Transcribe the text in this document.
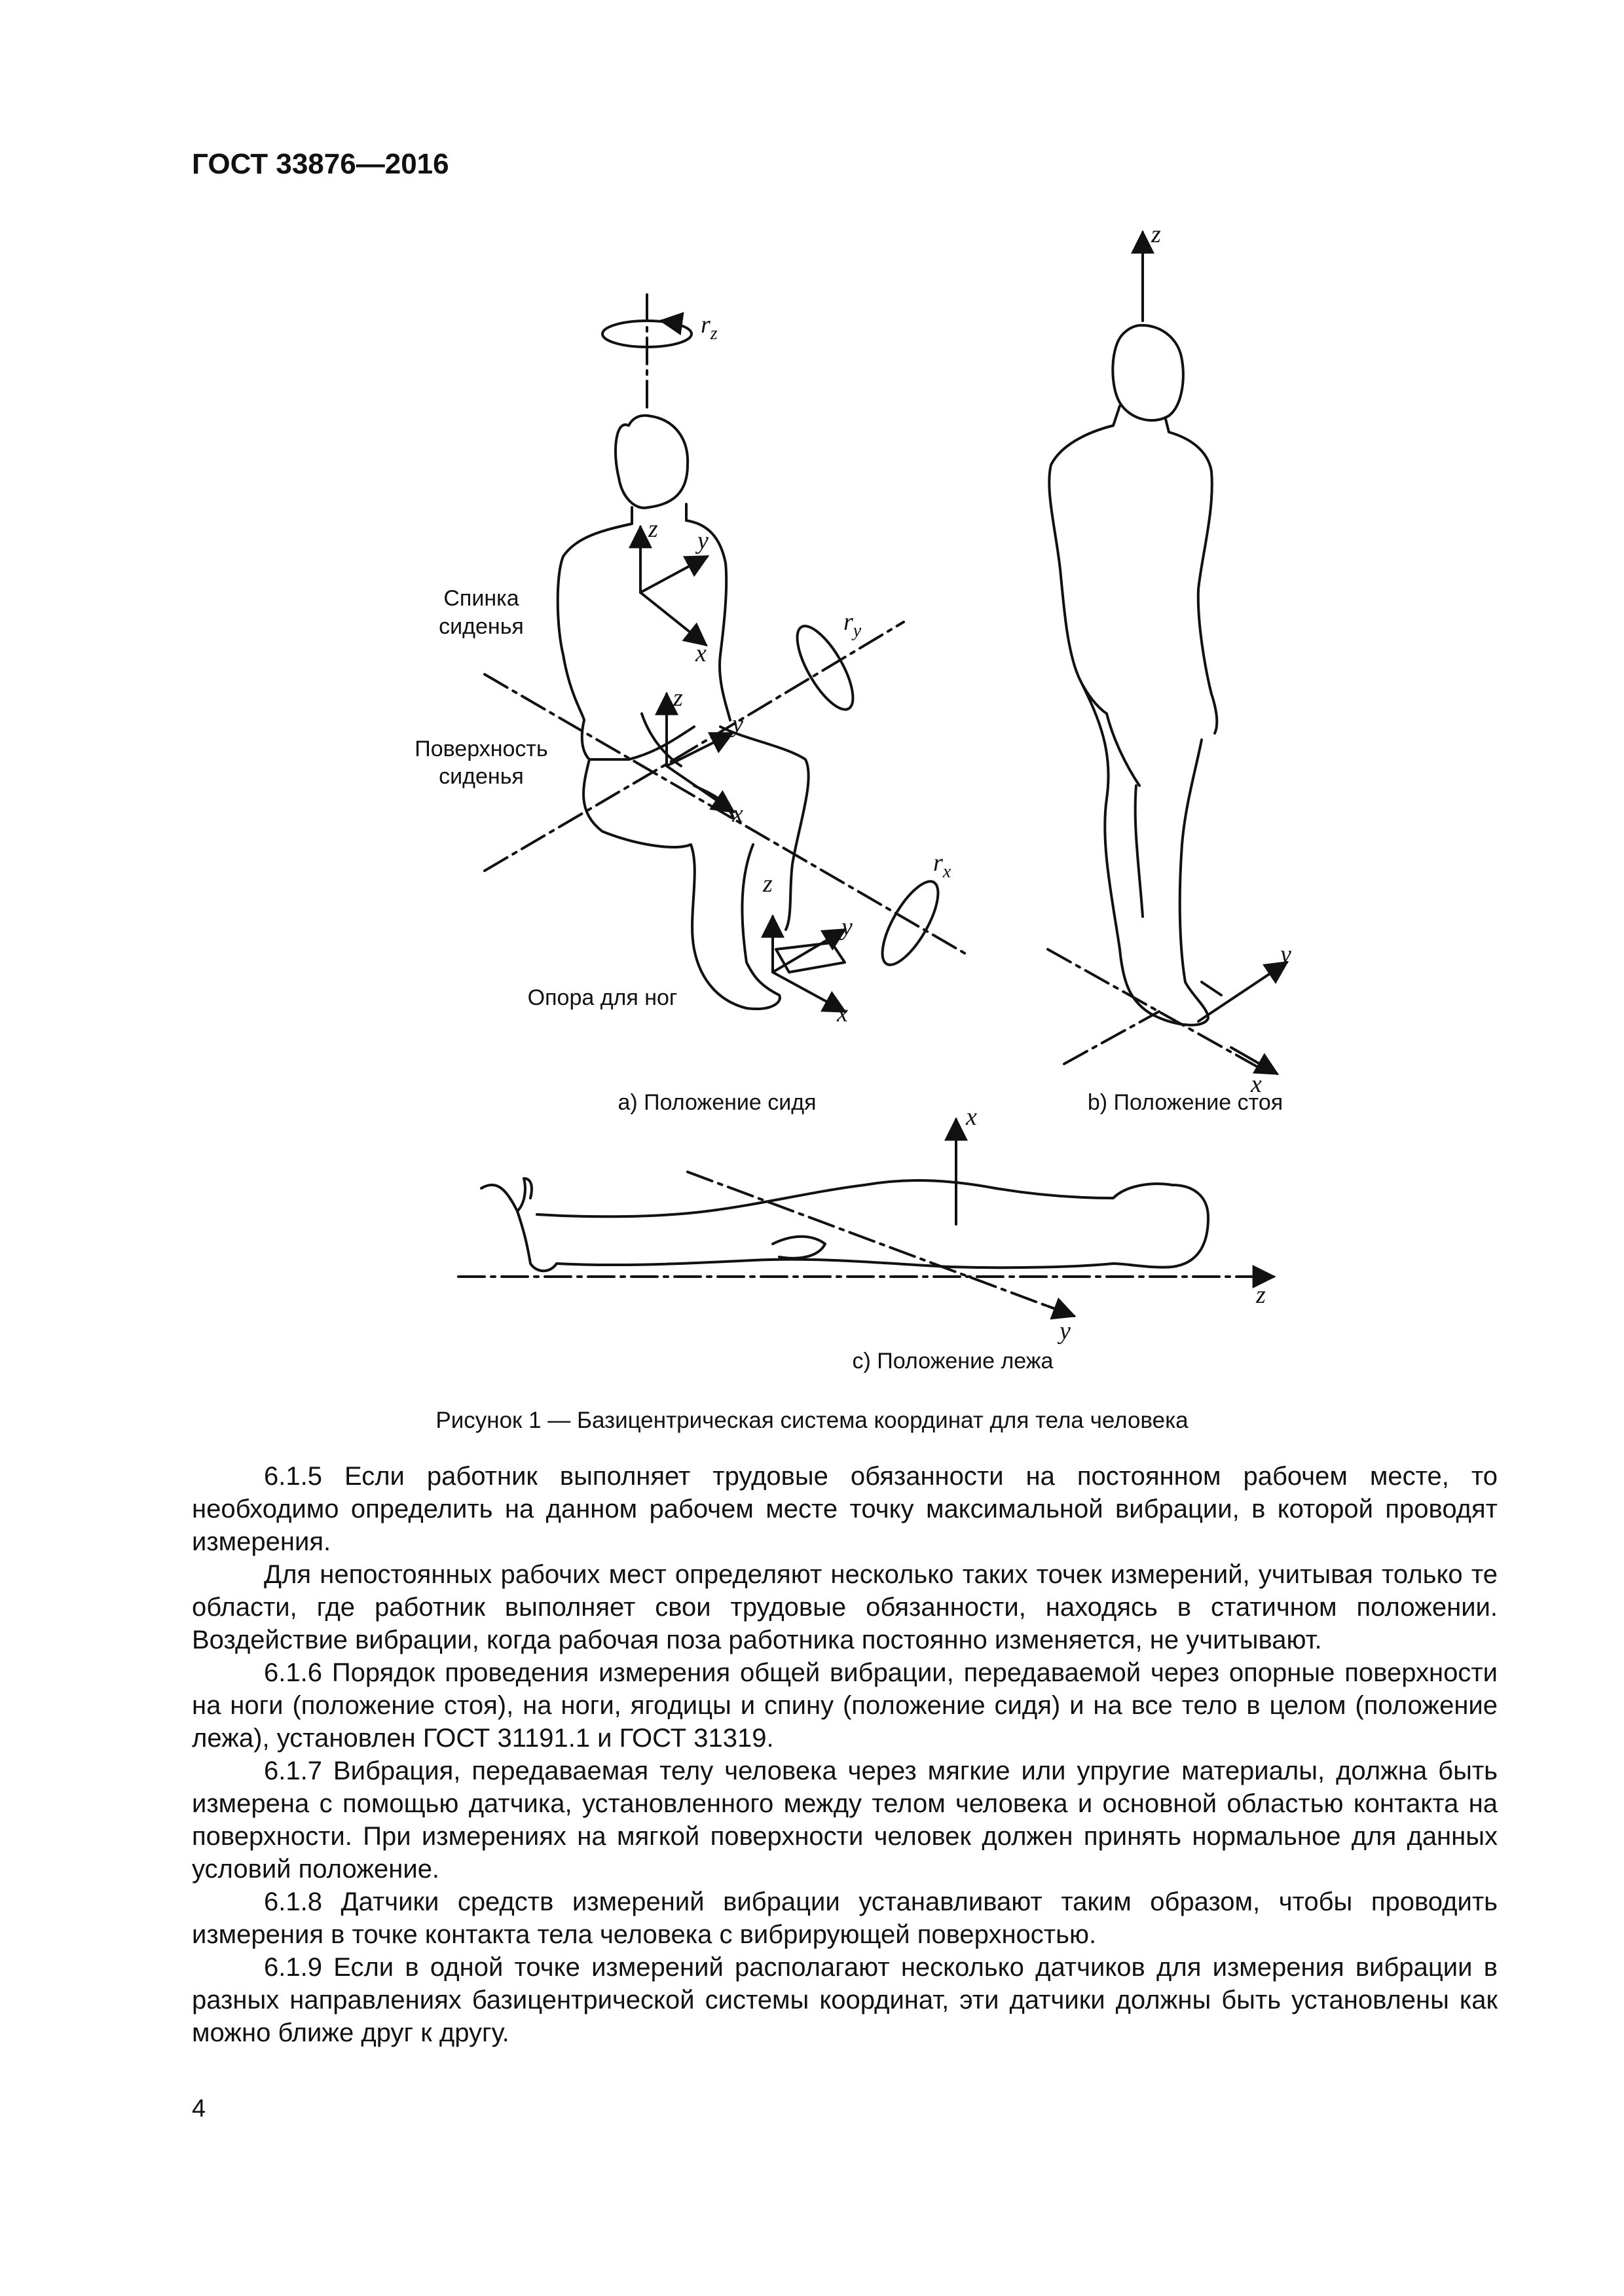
ГОСТ 33876—2016
Спинка
сиденья
Поверхность
сиденья
Опора для ног
$r_z$
z y
x
z
y
x
z
y
x
$r_y$
$r_x$
a) Положение сидя
z
y
x
b) Положение стоя
x
z
y
c) Положение лежа
Рисунок 1 — Базицентрическая система координат для тела человека

6.1.5 Если работник выполняет трудовые обязанности на постоянном рабочем месте, то необходимо определить на данном рабочем месте точку максимальной вибрации, в которой проводят измерения.

Для непостоянных рабочих мест определяют несколько таких точек измерений, учитывая только те области, где работник выполняет свои трудовые обязанности, находясь в статичном положении. Воздействие вибрации, когда рабочая поза работника постоянно изменяется, не учитывают.

6.1.6 Порядок проведения измерения общей вибрации, передаваемой через опорные поверхности на ноги (положение стоя), на ноги, ягодицы и спину (положение сидя) и на все тело в целом (положение лежа), установлен ГОСТ 31191.1 и ГОСТ 31319.

6.1.7 Вибрация, передаваемая телу человека через мягкие или упругие материалы, должна быть измерена с помощью датчика, установленного между телом человека и основной областью контакта на поверхности. При измерениях на мягкой поверхности человек должен принять нормальное для данных условий положение.

6.1.8 Датчики средств измерений вибрации устанавливают таким образом, чтобы проводить измерения в точке контакта тела человека с вибрирующей поверхностью.

6.1.9 Если в одной точке измерений располагают несколько датчиков для измерения вибрации в разных направлениях базицентрической системы координат, эти датчики должны быть установлены как можно ближе друг к другу.

4
